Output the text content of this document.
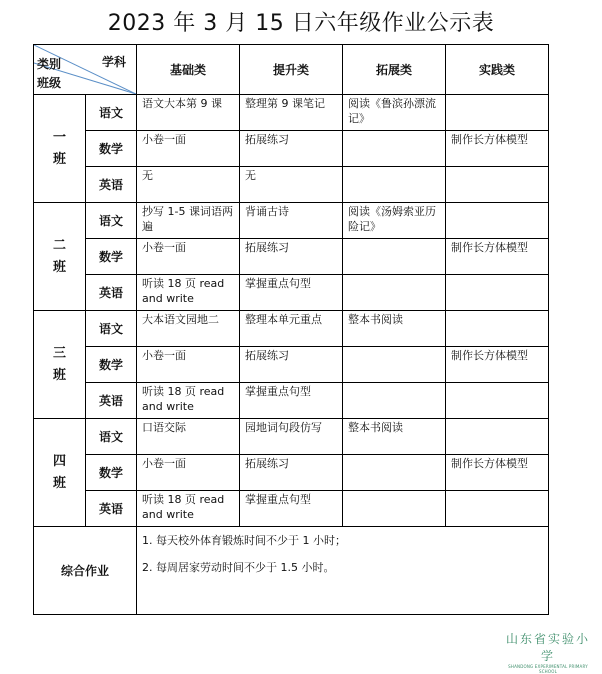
2023 年 3 月 15 日六年级作业公示表
学科
班级
类别		基础类	提升类	拓展类	实践类

一
班	语文	语文大本第 9 课	整理第 9 课笔记	阅读《鲁滨孙漂流记》	
	数学	小卷一面	拓展练习		制作长方体模型
	英语	无	无		

二
班	语文	抄写 1-5 课词语两遍	背诵古诗	阅读《汤姆索亚历险记》	
	数学	小卷一面	拓展练习		制作长方体模型
	英语	听读 18 页 read and write	掌握重点句型		

三
班	语文	大本语文园地二	整理本单元重点	整本书阅读	
	数学	小卷一面	拓展练习		制作长方体模型
	英语	听读 18 页 read and write	掌握重点句型		

四
班	语文	口语交际	园地词句段仿写	整本书阅读	
	数学	小卷一面	拓展练习		制作长方体模型
	英语	听读 18 页 read and write	掌握重点句型		
综合作业		1. 每天校外体育锻炼时间不少于 1 小时；

2. 每周居家劳动时间不少于 1.5 小时。			

山东省实验小学
SHANDONG EXPERIMENTAL PRIMARY SCHOOL
